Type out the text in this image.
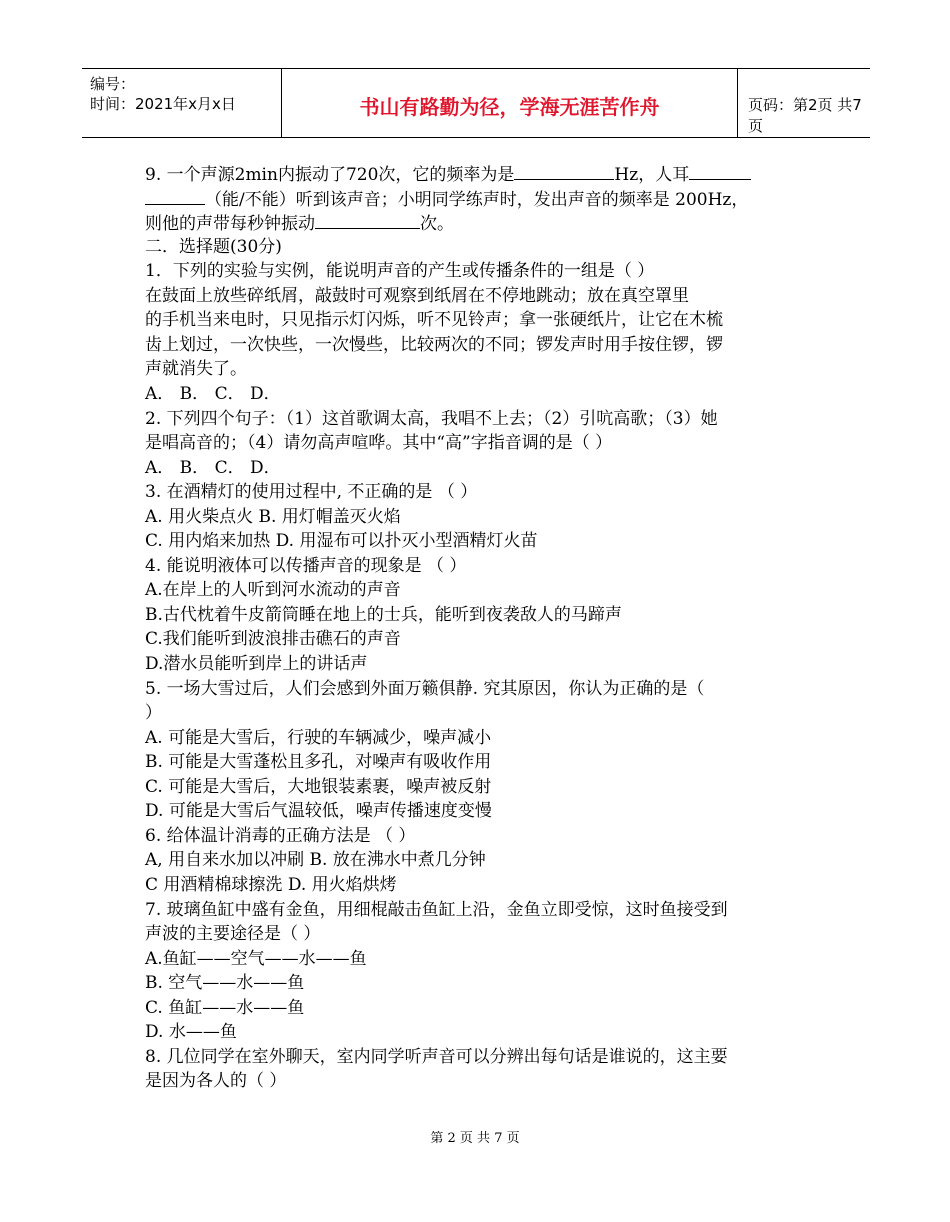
编号：
时间：2021年x月x日	书山有路勤为径，学海无涯苦作舟	页码：第2页 共7页
9. 一个声源2min内振动了720次，它的频率为是	Hz，人耳
（能/不能）听到该声音；小明同学练声时，发出声音的频率是 200Hz，
则他的声带每秒钟振动	次。
二．选择题(30分)
1．下列的实验与实例，能说明声音的产生或传播条件的一组是（ ）
在鼓面上放些碎纸屑，敲鼓时可观察到纸屑在不停地跳动；放在真空罩里
的手机当来电时，只见指示灯闪烁，听不见铃声；拿一张硬纸片，让它在木梳
齿上划过，一次快些，一次慢些，比较两次的不同；锣发声时用手按住锣，锣
声就消失了。
A． B． C． D．
2. 下列四个句子：（1）这首歌调太高，我唱不上去；（2）引吭高歌；（3）她
是唱高音的；（4）请勿高声喧哗。其中“高”字指音调的是（ ）
A． B． C． D．
3. 在酒精灯的使用过程中, 不正确的是 （ ）
A. 用火柴点火 B. 用灯帽盖灭火焰
C. 用内焰来加热 D. 用湿布可以扑灭小型酒精灯火苗
4. 能说明液体可以传播声音的现象是 （ ）
A.在岸上的人听到河水流动的声音
B.古代枕着牛皮箭筒睡在地上的士兵，能听到夜袭敌人的马蹄声
C.我们能听到波浪排击礁石的声音
D.潜水员能听到岸上的讲话声
5. 一场大雪过后，人们会感到外面万籁俱静. 究其原因，你认为正确的是（
）
A. 可能是大雪后，行驶的车辆减少，噪声减小
B. 可能是大雪蓬松且多孔，对噪声有吸收作用
C. 可能是大雪后，大地银装素裹，噪声被反射
D. 可能是大雪后气温较低，噪声传播速度变慢
6. 给体温计消毒的正确方法是 （ ）
A, 用自来水加以冲刷 B. 放在沸水中煮几分钟
C 用酒精棉球擦洗 D. 用火焰烘烤
7. 玻璃鱼缸中盛有金鱼，用细棍敲击鱼缸上沿，金鱼立即受惊，这时鱼接受到
声波的主要途径是（ ）
A.鱼缸——空气——水——鱼
B. 空气——水——鱼
C. 鱼缸——水——鱼
D. 水——鱼
8. 几位同学在室外聊天，室内同学听声音可以分辨出每句话是谁说的，这主要
是因为各人的（ ）
第 2 页 共 7 页
